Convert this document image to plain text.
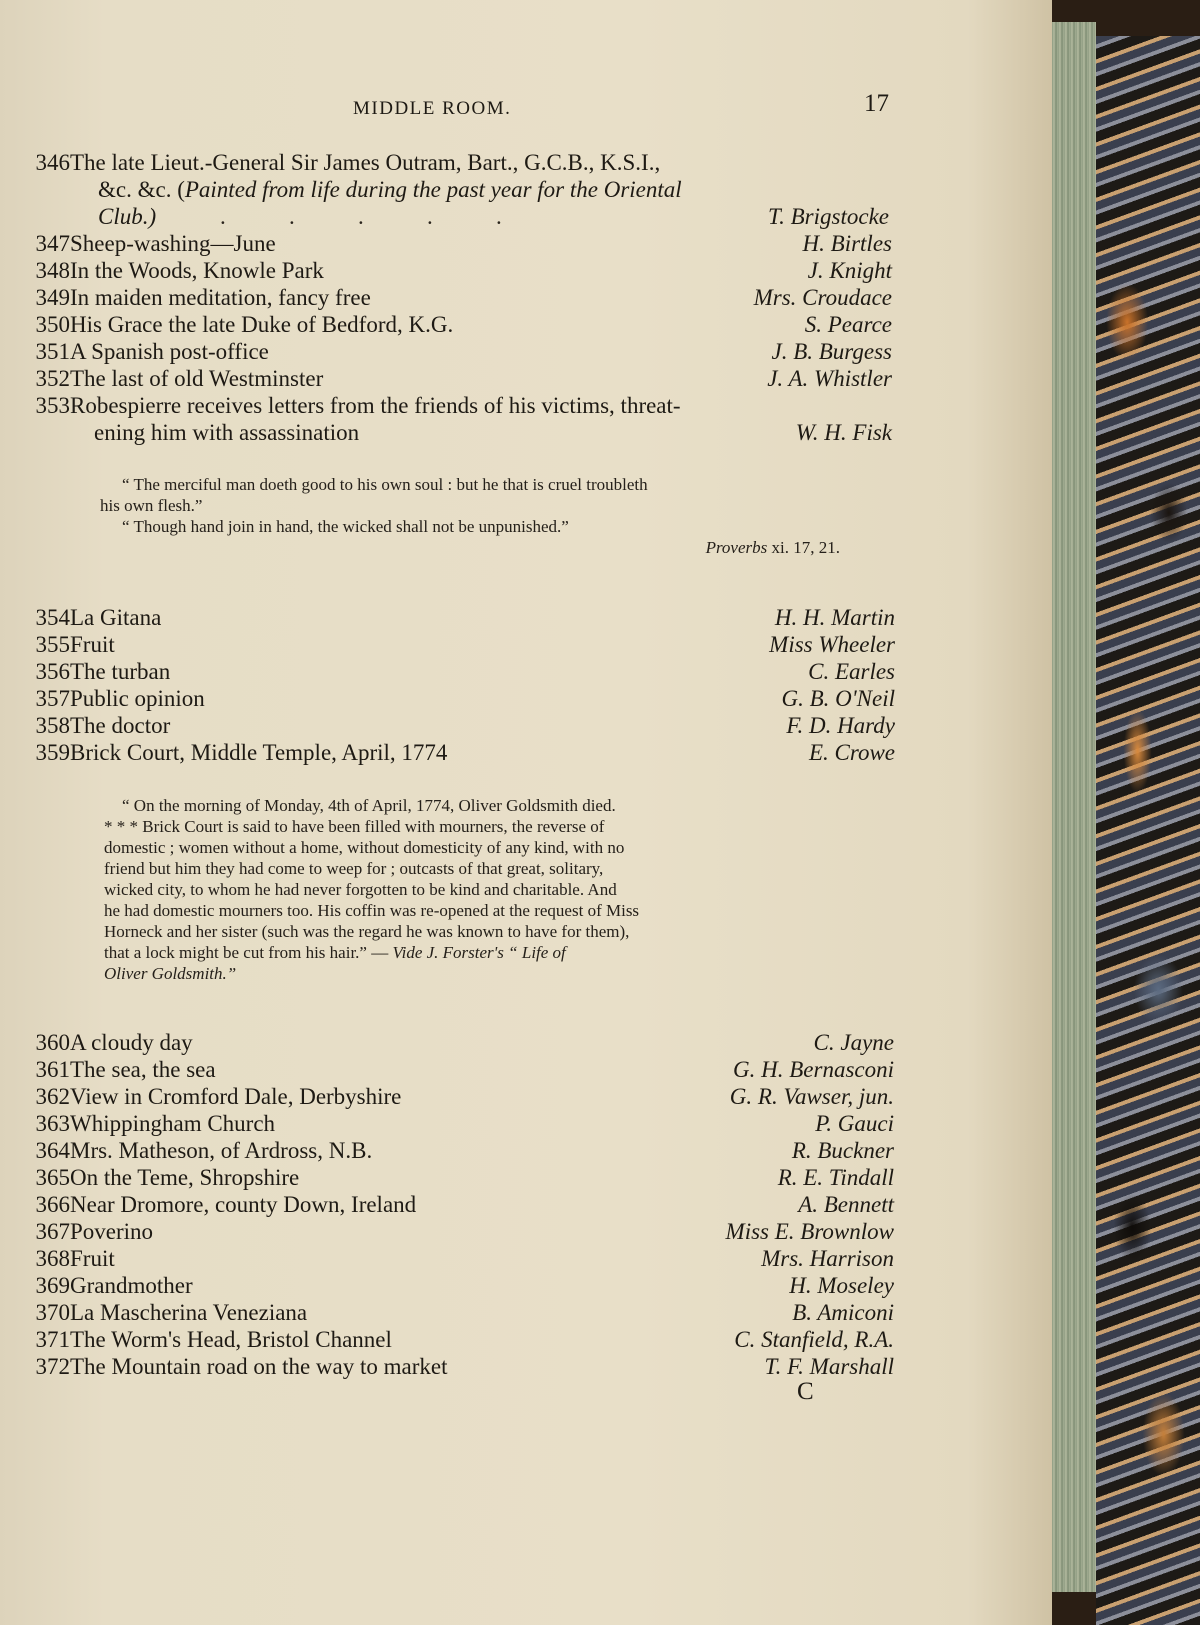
MIDDLE ROOM.	17
346 The late Lieut.-General Sir James Outram, Bart., G.C.B., K.S.I.,
&c. &c. (Painted from life during the past year for the Oriental
Club.)	.           .           .           .           .	T. Brigstocke
347 Sheep-washing—June	H. Birtles
348 In the Woods, Knowle Park	J. Knight
349 In maiden meditation, fancy free	Mrs. Croudace
350 His Grace the late Duke of Bedford, K.G.	S. Pearce
351 A Spanish post-office	J. B. Burgess
352 The last of old Westminster	J. A. Whistler
353 Robespierre receives letters from the friends of his victims, threat-
ening him with assassination	W. H. Fisk
“ The merciful man doeth good to his own soul : but he that is cruel troubleth
his own flesh.”
“ Though hand join in hand, the wicked shall not be unpunished.”
Proverbs xi. 17, 21.
354 La Gitana	H. H. Martin
355 Fruit	Miss Wheeler
356 The turban	C. Earles
357 Public opinion	G. B. O'Neil
358 The doctor	F. D. Hardy
359 Brick Court, Middle Temple, April, 1774	E. Crowe
“ On the morning of Monday, 4th of April, 1774, Oliver Goldsmith died.
* * * Brick Court is said to have been filled with mourners, the reverse of
domestic ; women without a home, without domesticity of any kind, with no
friend but him they had come to weep for ; outcasts of that great, solitary,
wicked city, to whom he had never forgotten to be kind and charitable. And
he had domestic mourners too. His coffin was re-opened at the request of Miss
Horneck and her sister (such was the regard he was known to have for them),
that a lock might be cut from his hair.” — Vide J. Forster's “ Life of
Oliver Goldsmith.”
360 A cloudy day	C. Jayne
361 The sea, the sea	G. H. Bernasconi
362 View in Cromford Dale, Derbyshire	G. R. Vawser, jun.
363 Whippingham Church	P. Gauci
364 Mrs. Matheson, of Ardross, N.B.	R. Buckner
365 On the Teme, Shropshire	R. E. Tindall
366 Near Dromore, county Down, Ireland	A. Bennett
367 Poverino	Miss E. Brownlow
368 Fruit	Mrs. Harrison
369 Grandmother	H. Moseley
370 La Mascherina Veneziana	B. Amiconi
371 The Worm's Head, Bristol Channel	C. Stanfield, R.A.
372 The Mountain road on the way to market	T. F. Marshall
C
